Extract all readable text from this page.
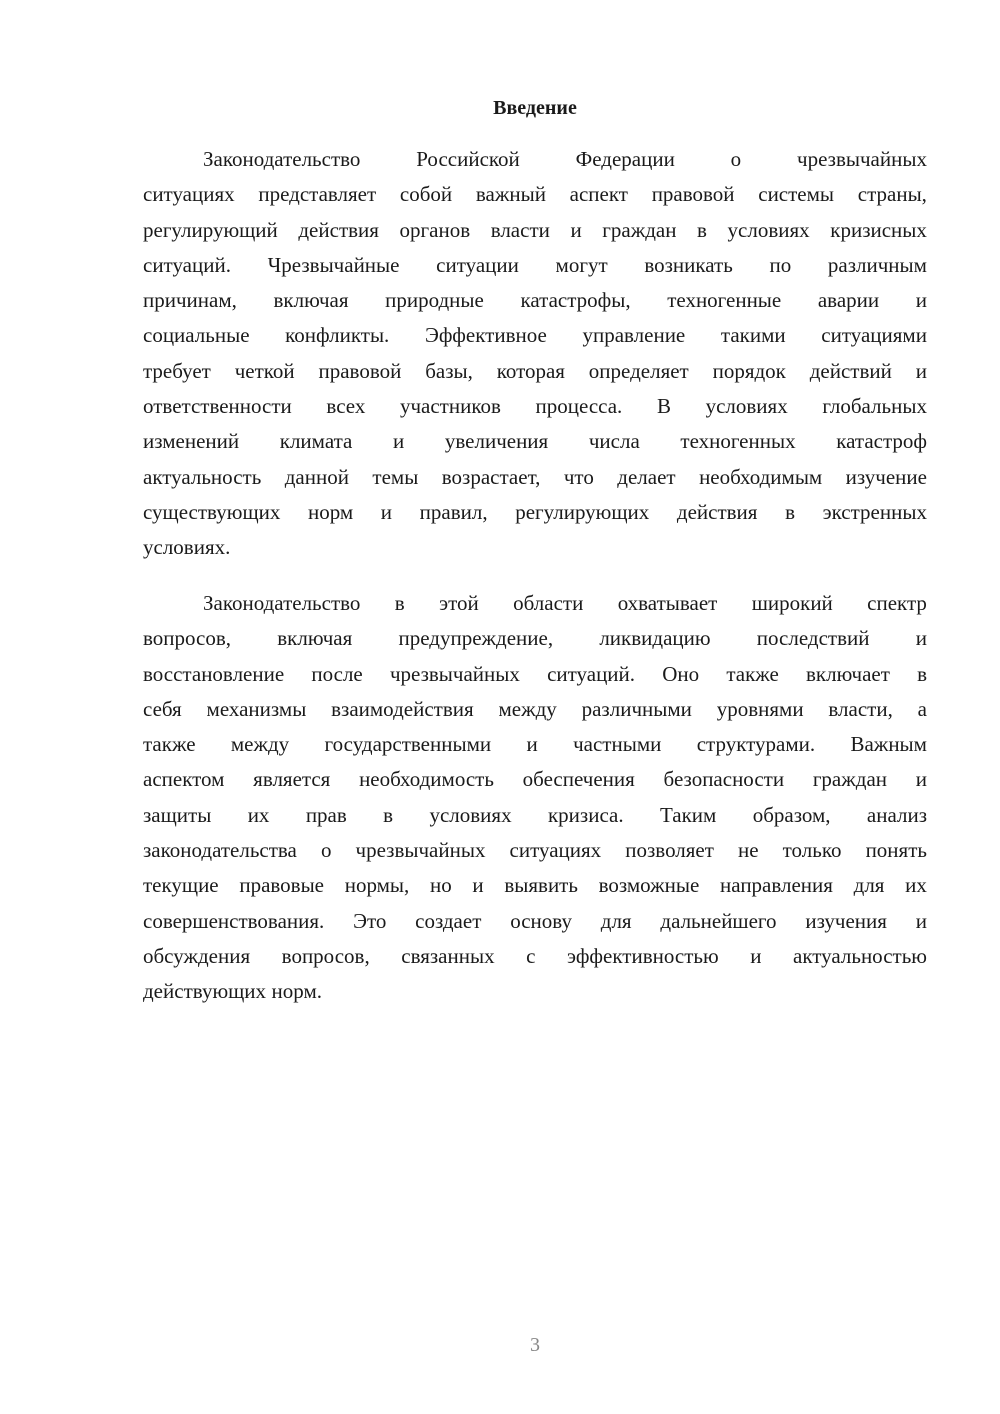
Введение
Законодательство	Российской	Федерации	о	чрезвычайных
ситуациях представляет собой важный аспект правовой системы страны,
регулирующий действия органов власти и граждан в условиях кризисных
ситуаций. Чрезвычайные ситуации могут возникать по различным
причинам, включая природные катастрофы, техногенные аварии и
социальные конфликты. Эффективное управление такими ситуациями
требует четкой правовой базы, которая определяет порядок действий и
ответственности всех участников процесса. В условиях глобальных
изменений климата и увеличения числа техногенных катастроф
актуальность данной темы возрастает, что делает необходимым изучение
существующих норм и правил, регулирующих действия в экстренных
условиях.
Законодательство в этой области охватывает широкий спектр
вопросов, включая предупреждение, ликвидацию последствий и
восстановление после чрезвычайных ситуаций. Оно также включает в
себя механизмы взаимодействия между различными уровнями власти, а
также между государственными и частными структурами. Важным
аспектом является необходимость обеспечения безопасности граждан и
защиты их прав в условиях кризиса. Таким образом, анализ
законодательства о чрезвычайных ситуациях позволяет не только понять
текущие правовые нормы, но и выявить возможные направления для их
совершенствования. Это создает основу для дальнейшего изучения и
обсуждения вопросов, связанных с эффективностью и актуальностью
действующих норм.
3
